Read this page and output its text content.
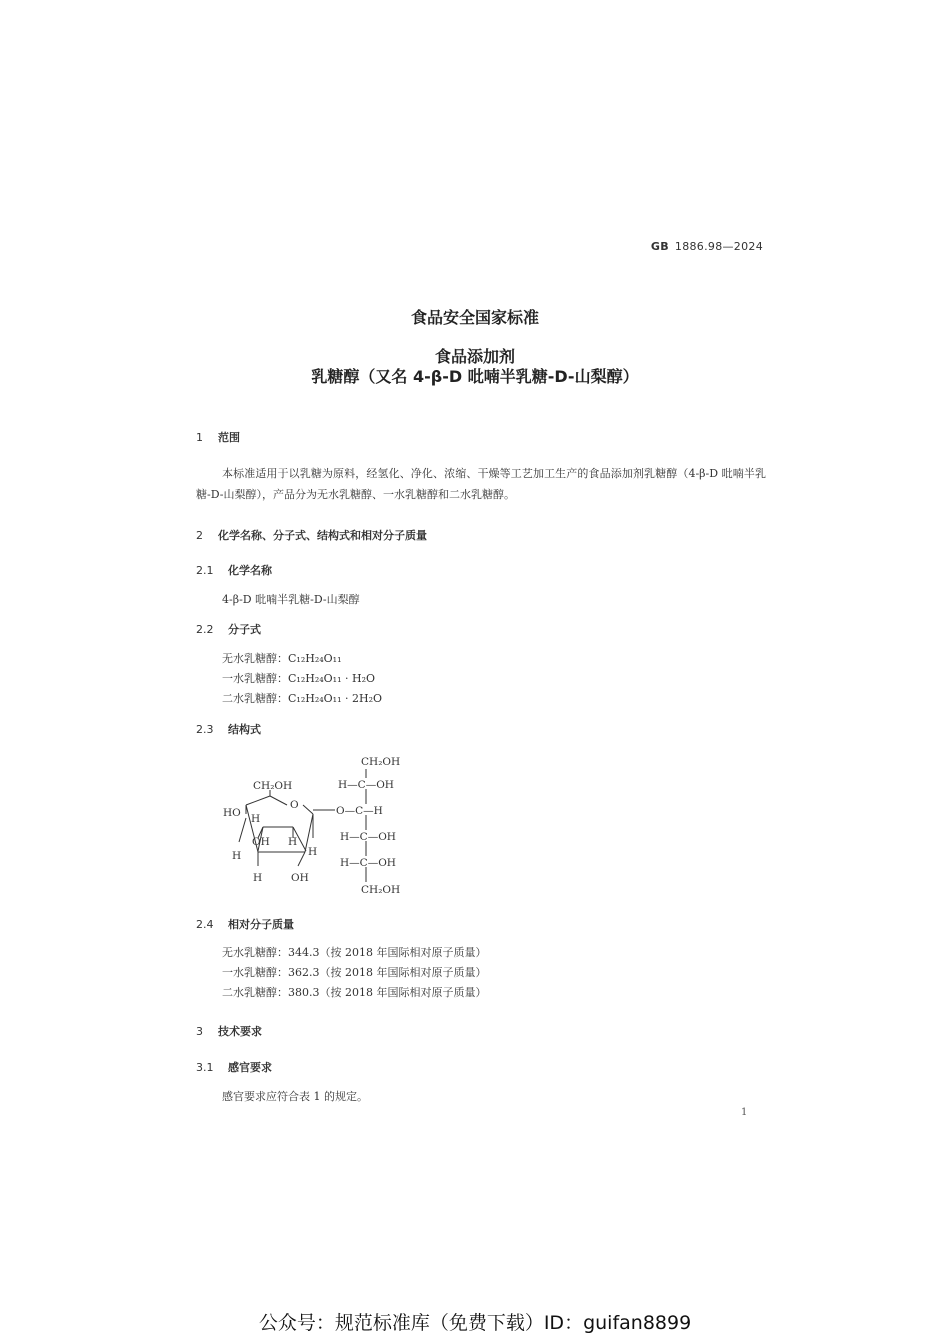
GB 1886.98—2024
食品安全国家标准
食品添加剂
乳糖醇（又名 4-β-D 吡喃半乳糖-D-山梨醇）
1 范围
本标准适用于以乳糖为原料，经氢化、净化、浓缩、干燥等工艺加工生产的食品添加剂乳糖醇（4-β-D 吡喃半乳糖-D-山梨醇），产品分为无水乳糖醇、一水乳糖醇和二水乳糖醇。
2 化学名称、分子式、结构式和相对分子质量
2.1 化学名称
4-β-D 吡喃半乳糖-D-山梨醇
2.2 分子式
无水乳糖醇：C₁₂H₂₄O₁₁
一水乳糖醇：C₁₂H₂₄O₁₁ · H₂O
二水乳糖醇：C₁₂H₂₄O₁₁ · 2H₂O
2.3 结构式
CH₂OH
O
HO H
OH H
H
H
H	OH
CH₂OH
H—C—OH
O—C—H
H—C—OH
H—C—OH
CH₂OH
2.4 相对分子质量
无水乳糖醇：344.3（按 2018 年国际相对原子质量）
一水乳糖醇：362.3（按 2018 年国际相对原子质量）
二水乳糖醇：380.3（按 2018 年国际相对原子质量）
3 技术要求
3.1 感官要求
感官要求应符合表 1 的规定。
1
公众号：规范标准库（免费下载）ID：guifan8899
